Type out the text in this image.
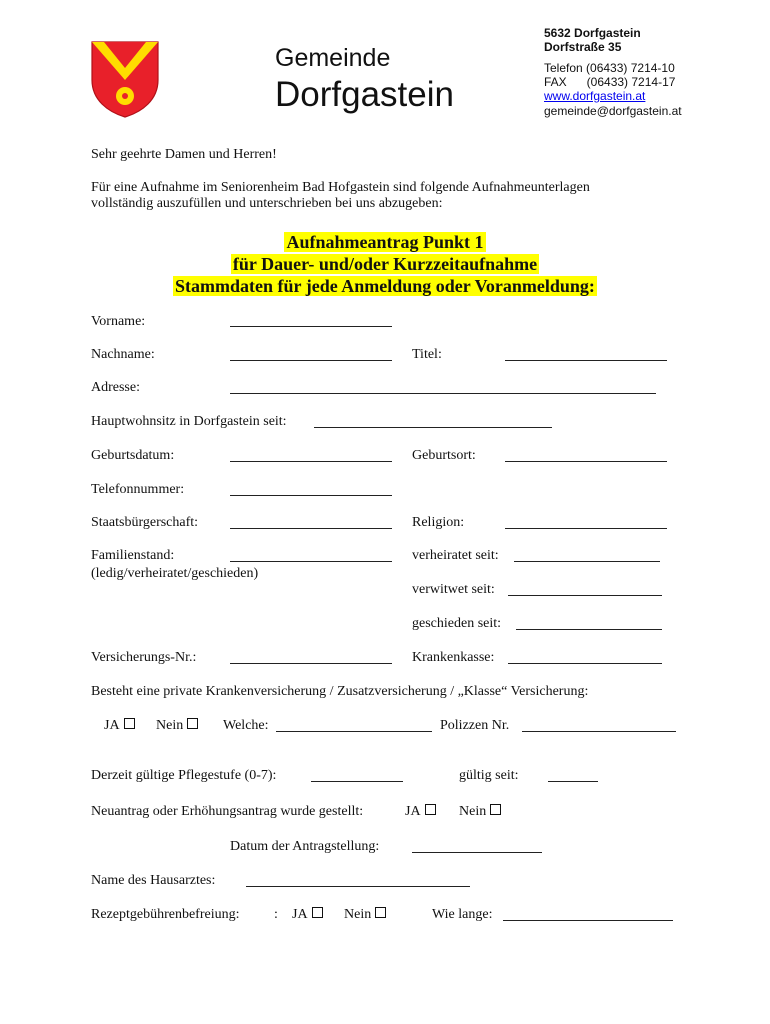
Gemeinde
Dorfgastein
5632 Dorfgastein
Dorfstraße 35
Telefon (06433) 7214-10
FAX      (06433) 7214-17
www.dorfgastein.at
gemeinde@dorfgastein.at
Sehr geehrte Damen und Herren!
Für eine Aufnahme im Seniorenheim Bad Hofgastein sind folgende Aufnahmeunterlagen
vollständig auszufüllen und unterschrieben bei uns abzugeben:
Aufnahmeantrag Punkt 1
für Dauer- und/oder Kurzzeitaufnahme
Stammdaten für jede Anmeldung oder Voranmeldung:
Vorname:
Nachname:	Titel:
Adresse:
Hauptwohnsitz in Dorfgastein seit:
Geburtsdatum:	Geburtsort:
Telefonnummer:
Staatsbürgerschaft:	Religion:
Familienstand:
(ledig/verheiratet/geschieden)
verheiratet seit:
verwitwet seit:
geschieden seit:
Versicherungs-Nr.:	Krankenkasse:
Besteht eine private Krankenversicherung / Zusatzversicherung / „Klasse“ Versicherung:
JA	Nein	Welche:	Polizzen Nr.
Derzeit gültige Pflegestufe (0-7):	gültig seit:
Neuantrag oder Erhöhungsantrag wurde gestellt:	JA	Nein
Datum der Antragstellung:
Name des Hausarztes:
Rezeptgebührenbefreiung: : JA	Nein	Wie lange:
